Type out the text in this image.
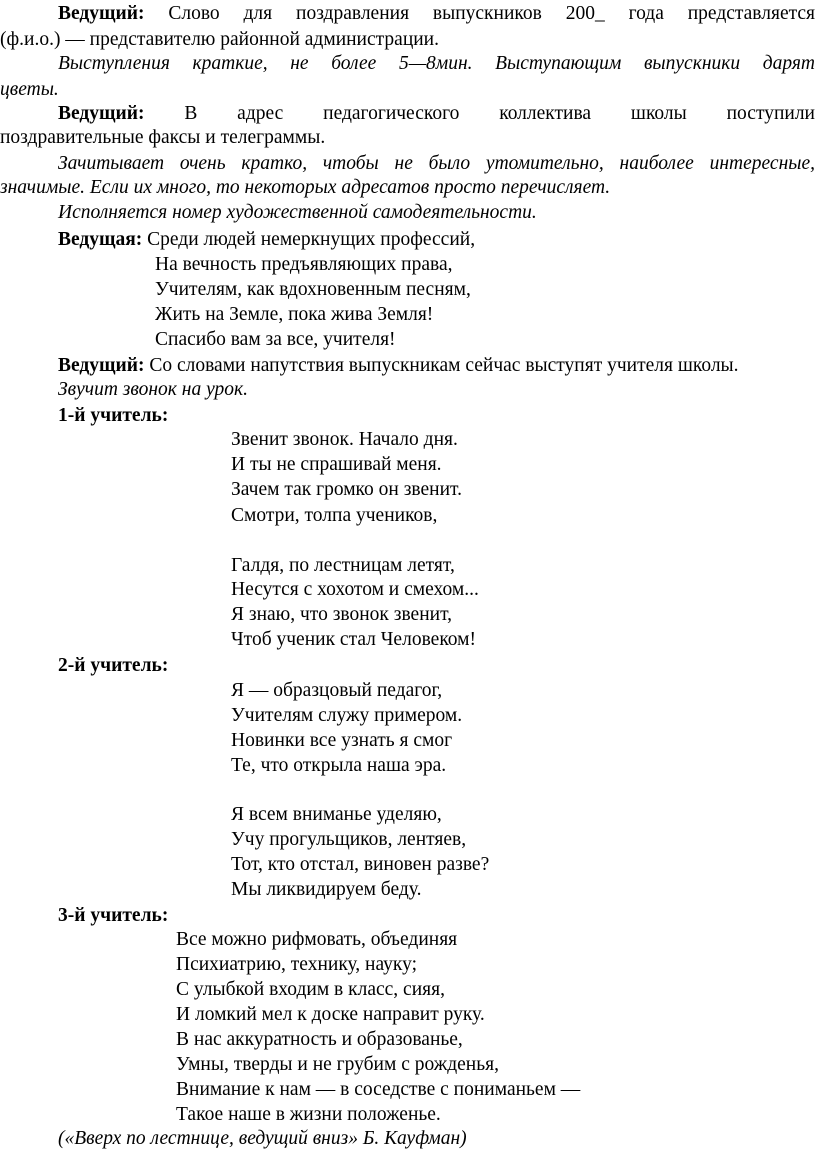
Ведущий: Слово для поздравления выпускников 200_ года представляется
(ф.и.о.) — представителю районной администрации.
Выступления краткие, не более 5—8мин. Выступающим выпускники дарят
цветы.
Ведущий: В адрес педагогического коллектива школы поступили
поздравительные факсы и телеграммы.
Зачитывает очень кратко, чтобы не было утомительно, наиболее интересные,
значимые. Если их много, то некоторых адресатов просто перечисляет.
Исполняется номер художественной самодеятельности.
Ведущая: Среди людей немеркнущих профессий,
На вечность предъявляющих права,
Учителям, как вдохновенным песням,
Жить на Земле, пока жива Земля!
Спасибо вам за все, учителя!
Ведущий: Со словами напутствия выпускникам сейчас выступят учителя школы.
Звучит звонок на урок.
1-й учитель:
Звенит звонок. Начало дня.
И ты не спрашивай меня.
Зачем так громко он звенит.
Смотри, толпа учеников,
Галдя, по лестницам летят,
Несутся с хохотом и смехом...
Я знаю, что звонок звенит,
Чтоб ученик стал Человеком!
2-й учитель:
Я — образцовый педагог,
Учителям служу примером.
Новинки все узнать я смог
Те, что открыла наша эра.
Я всем вниманье уделяю,
Учу прогульщиков, лентяев,
Тот, кто отстал, виновен разве?
Мы ликвидируем беду.
3-й учитель:
Все можно рифмовать, объединяя
Психиатрию, технику, науку;
С улыбкой входим в класс, сияя,
И ломкий мел к доске направит руку.
В нас аккуратность и образованье,
Умны, тверды и не грубим с рожденья,
Внимание к нам — в соседстве с пониманьем —
Такое наше в жизни положенье.
(«Вверх по лестнице, ведущий вниз» Б. Кауфман)
